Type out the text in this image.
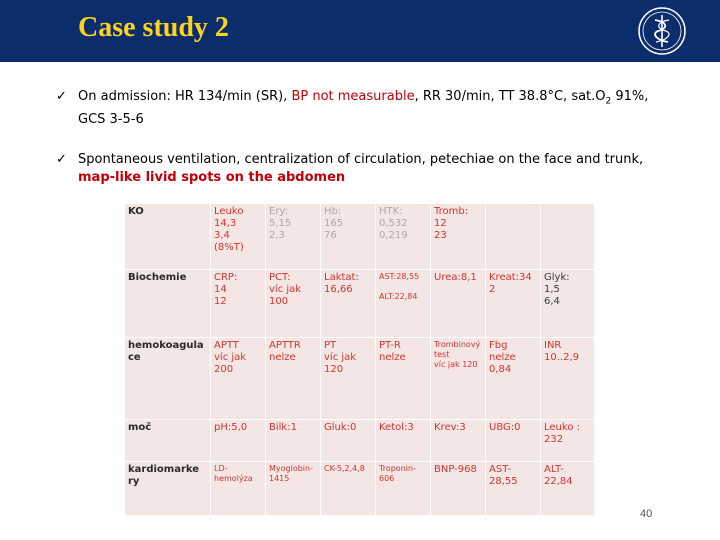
Case study 2
✓ On admission: HR 134/min (SR), BP not measurable, RR 30/min, TT 38.8°C, $sat.O_2$ 91%,
GCS 3-5-6
✓ Spontaneous ventilation, centralization of circulation, petechiae on the face and trunk,
map-like livid spots on the abdomen
KO	Leuko
14,3
3,4
(8%T)	Ery:
5,15
2,3	Hb:
165
76	HTK:
0,532
0,219	Tromb:
12
23		
Biochemie	CRP:
14
12	PCT:
víc jak
100	Laktat:
16,66	AST:28,55

ALT:22,84	Urea:8,1	Kreat:342	Glyk:
1,5
6,4
hemokoagula
ce	APTT
víc jak
200	APTTR
nelze	PT
víc jak
120	PT-R
nelze	Trombinový
test
víc jak 120	Fbg
nelze
0,84	INR
10..2,9
moč	pH:5,0	Bilk:1	Gluk:0	Ketol:3	Krev:3	UBG:0	Leuko :
232
kardiomarke
ry	LD-
hemolýza	Myoglobin-
1415	CK-5,2,4,8	Troponin-
606	BNP-968	AST-28,55	ALT-22,84
40
